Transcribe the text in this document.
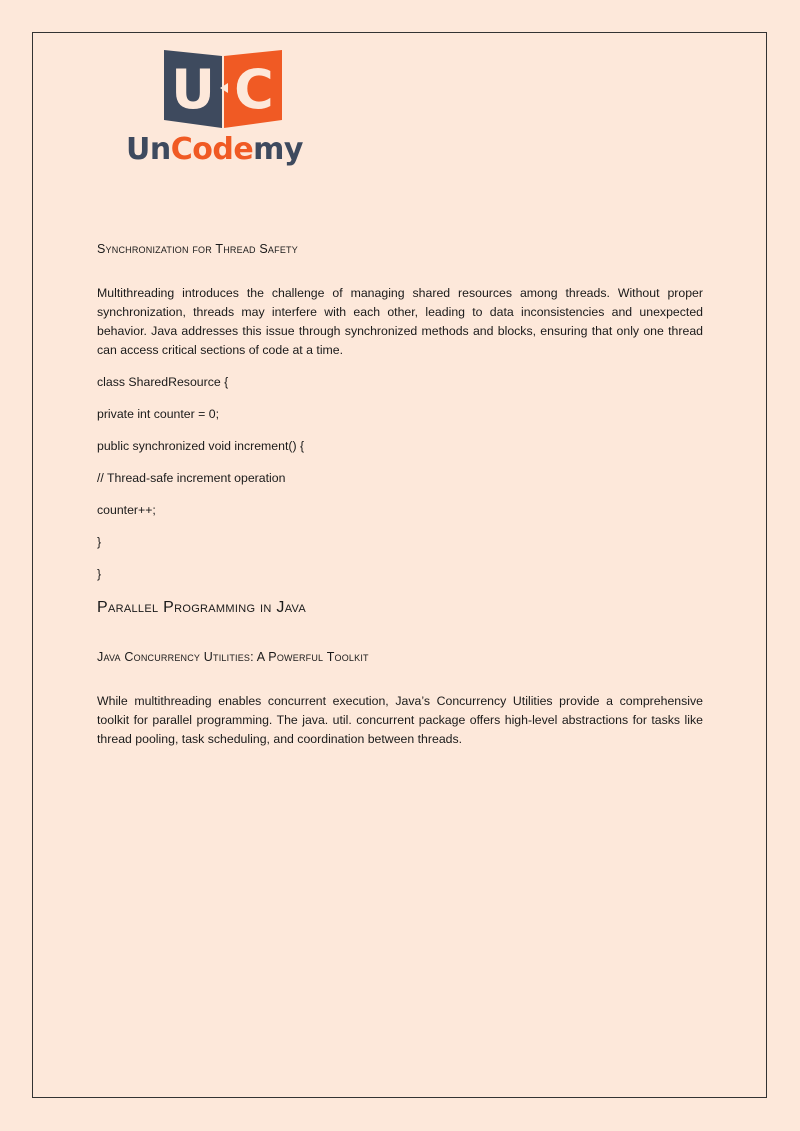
U C
UnCodemy
Synchronization for Thread Safety

Multithreading introduces the challenge of managing shared resources among threads. Without proper synchronization, threads may interfere with each other, leading to data inconsistencies and unexpected behavior. Java addresses this issue through synchronized methods and blocks, ensuring that only one thread can access critical sections of code at a time.

class SharedResource {
private int counter = 0;
public synchronized void increment() {
// Thread-safe increment operation
counter++;
}
}
Parallel Programming in Java
Java Concurrency Utilities: A Powerful Toolkit

While multithreading enables concurrent execution, Java’s Concurrency Utilities provide a comprehensive toolkit for parallel programming. The java. util. concurrent package offers high-level abstractions for tasks like thread pooling, task scheduling, and coordination between threads.
